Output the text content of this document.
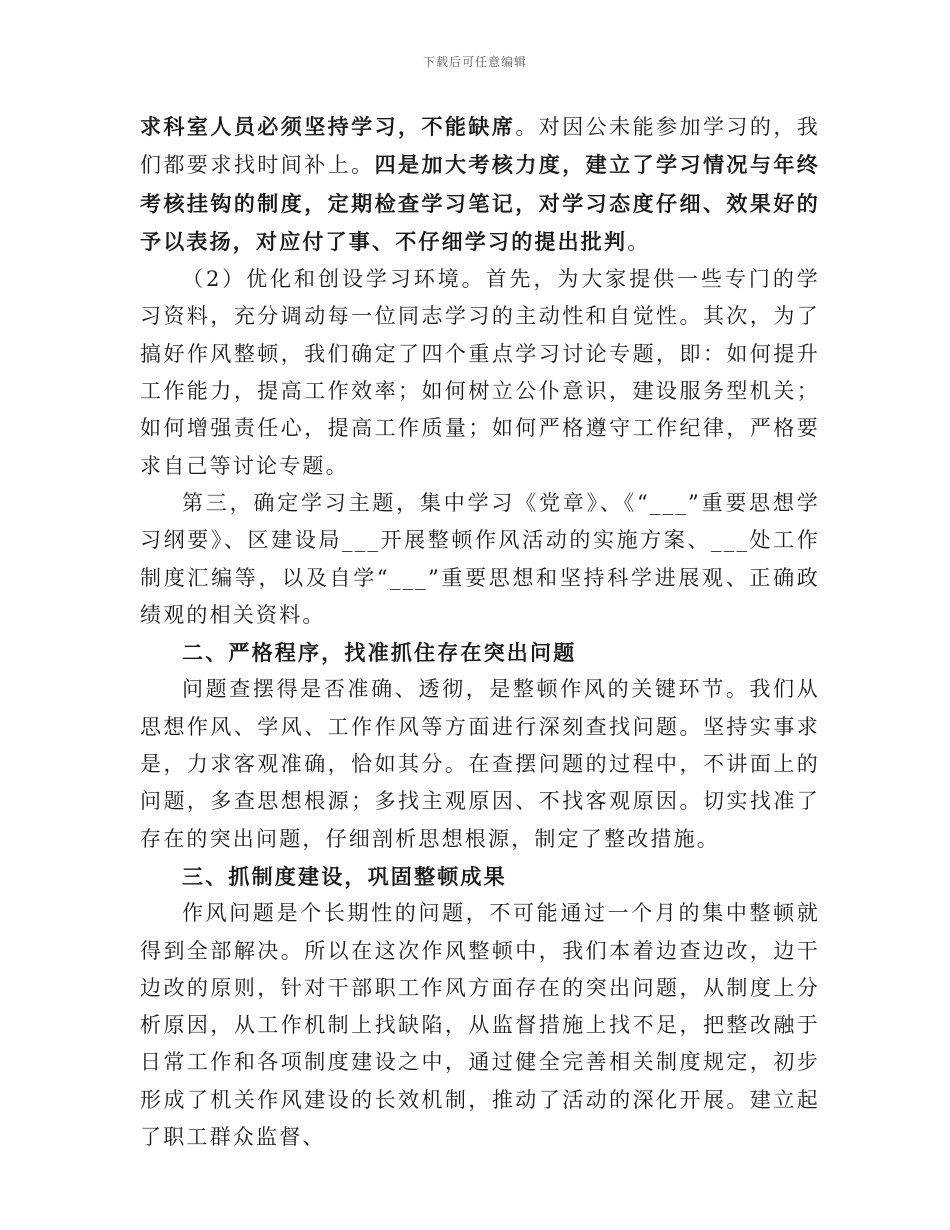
下载后可任意编辑

求科室人员必须坚持学习，不能缺席。对因公未能参加学习的，我们都要求找时间补上。四是加大考核力度，建立了学习情况与年终考核挂钩的制度，定期检查学习笔记，对学习态度仔细、效果好的予以表扬，对应付了事、不仔细学习的提出批判。

（2）优化和创设学习环境。首先，为大家提供一些专门的学习资料，充分调动每一位同志学习的主动性和自觉性。其次，为了搞好作风整顿，我们确定了四个重点学习讨论专题，即：如何提升工作能力，提高工作效率；如何树立公仆意识，建设服务型机关；如何增强责任心，提高工作质量；如何严格遵守工作纪律，严格要求自己等讨论专题。

第三，确定学习主题，集中学习《党章》、《“___”重要思想学习纲要》、区建设局___开展整顿作风活动的实施方案、___处工作制度汇编等，以及自学“___”重要思想和坚持科学进展观、正确政绩观的相关资料。

二、严格程序，找准抓住存在突出问题

问题查摆得是否准确、透彻，是整顿作风的关键环节。我们从思想作风、学风、工作作风等方面进行深刻查找问题。坚持实事求是，力求客观准确，恰如其分。在查摆问题的过程中，不讲面上的问题，多查思想根源；多找主观原因、不找客观原因。切实找准了存在的突出问题，仔细剖析思想根源，制定了整改措施。

三、抓制度建设，巩固整顿成果

作风问题是个长期性的问题，不可能通过一个月的集中整顿就得到全部解决。所以在这次作风整顿中，我们本着边查边改，边干边改的原则，针对干部职工作风方面存在的突出问题，从制度上分析原因，从工作机制上找缺陷，从监督措施上找不足，把整改融于日常工作和各项制度建设之中，通过健全完善相关制度规定，初步形成了机关作风建设的长效机制，推动了活动的深化开展。建立起了职工群众监督、
